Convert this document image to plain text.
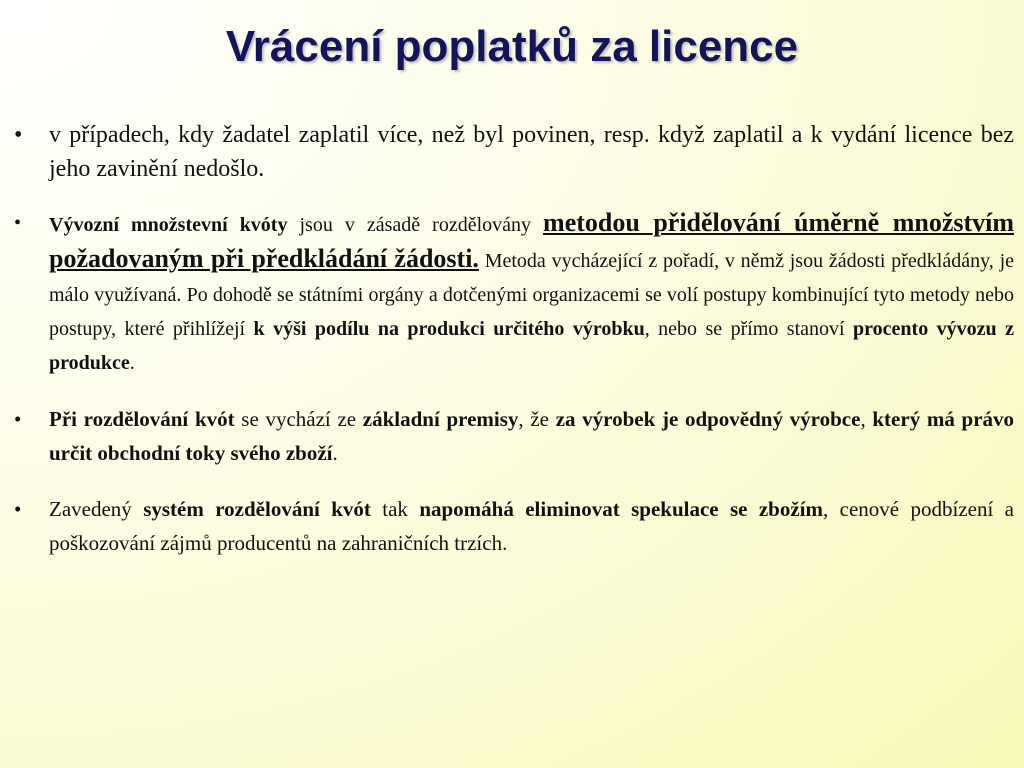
Vrácení poplatků za licence
• v případech, kdy žadatel zaplatil více, než byl povinen, resp. když zaplatil a k vydání licence bez jeho zavinění nedošlo.
• Vývozní množstevní kvóty jsou v zásadě rozdělovány metodou přidělování úměrně množstvím požadovaným při předkládání žádosti. Metoda vycházející z pořadí, v němž jsou žádosti předkládány, je málo využívaná. Po dohodě se státními orgány a dotčenými organizacemi se volí postupy kombinující tyto metody nebo postupy, které přihlížejí k výši podílu na produkci určitého výrobku, nebo se přímo stanoví procento vývozu z produkce.
• Při rozdělování kvót se vychází ze základní premisy, že za výrobek je odpovědný výrobce, který má právo určit obchodní toky svého zboží.
• Zavedený systém rozdělování kvót tak napomáhá eliminovat spekulace se zbožím, cenové podbízení a poškozování zájmů producentů na zahraničních trzích.
